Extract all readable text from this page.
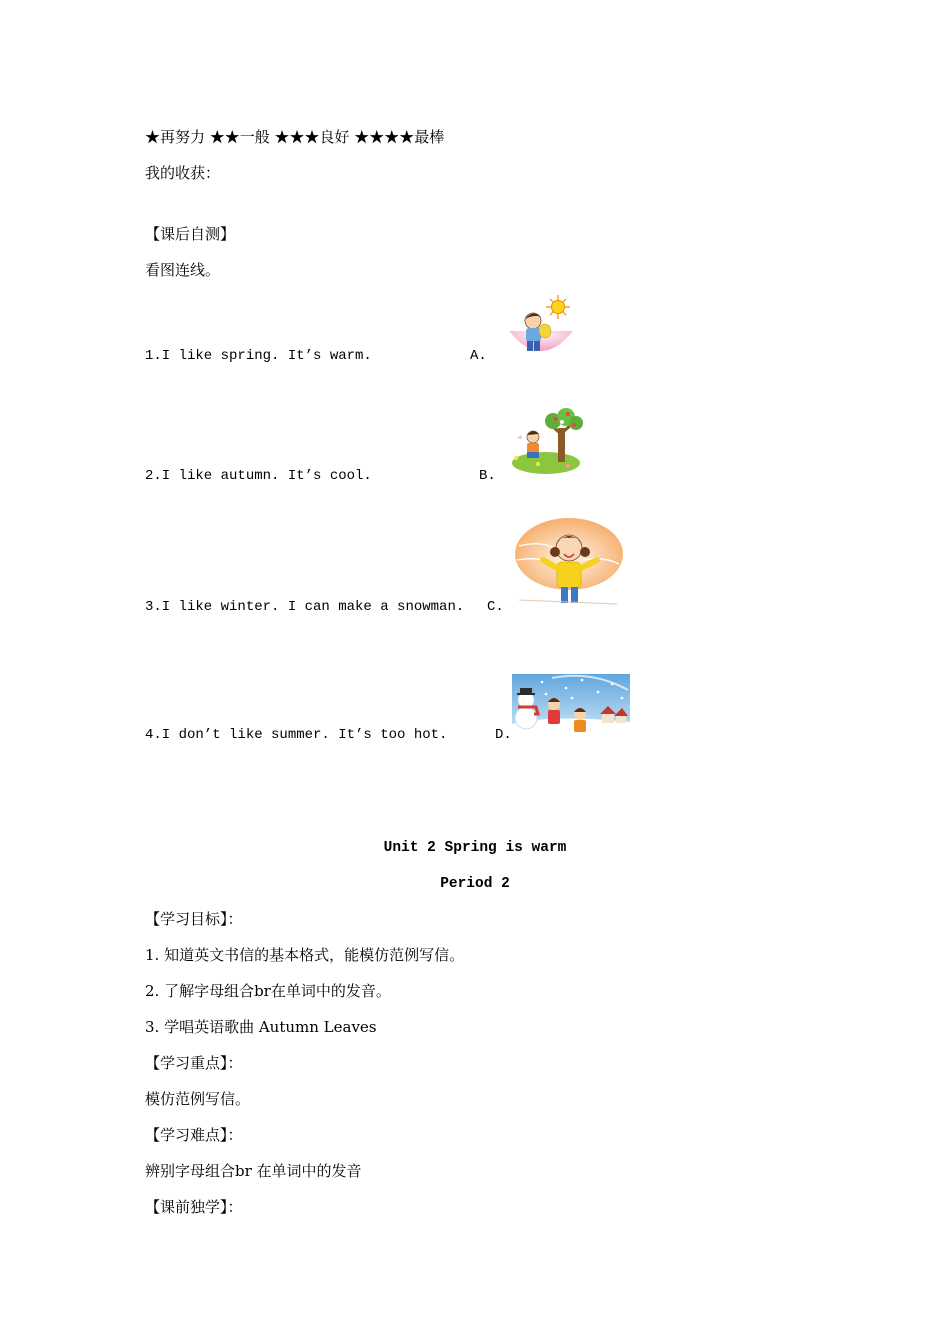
★再努力 ★★一般 ★★★良好 ★★★★最棒
我的收获：
【课后自测】
看图连线。
1.I like spring. It’s warm.	A.
2.I like autumn. It’s cool.	B.
3.I like winter. I can make a snowman. C.
4.I don’t like summer. It’s too hot.	D.
Unit 2 Spring is warm
Period 2
【学习目标】：
1. 知道英文书信的基本格式，能模仿范例写信。
2. 了解字母组合br在单词中的发音。
3. 学唱英语歌曲 Autumn Leaves
【学习重点】：
模仿范例写信。
【学习难点】：
辨别字母组合br 在单词中的发音
【课前独学】：
